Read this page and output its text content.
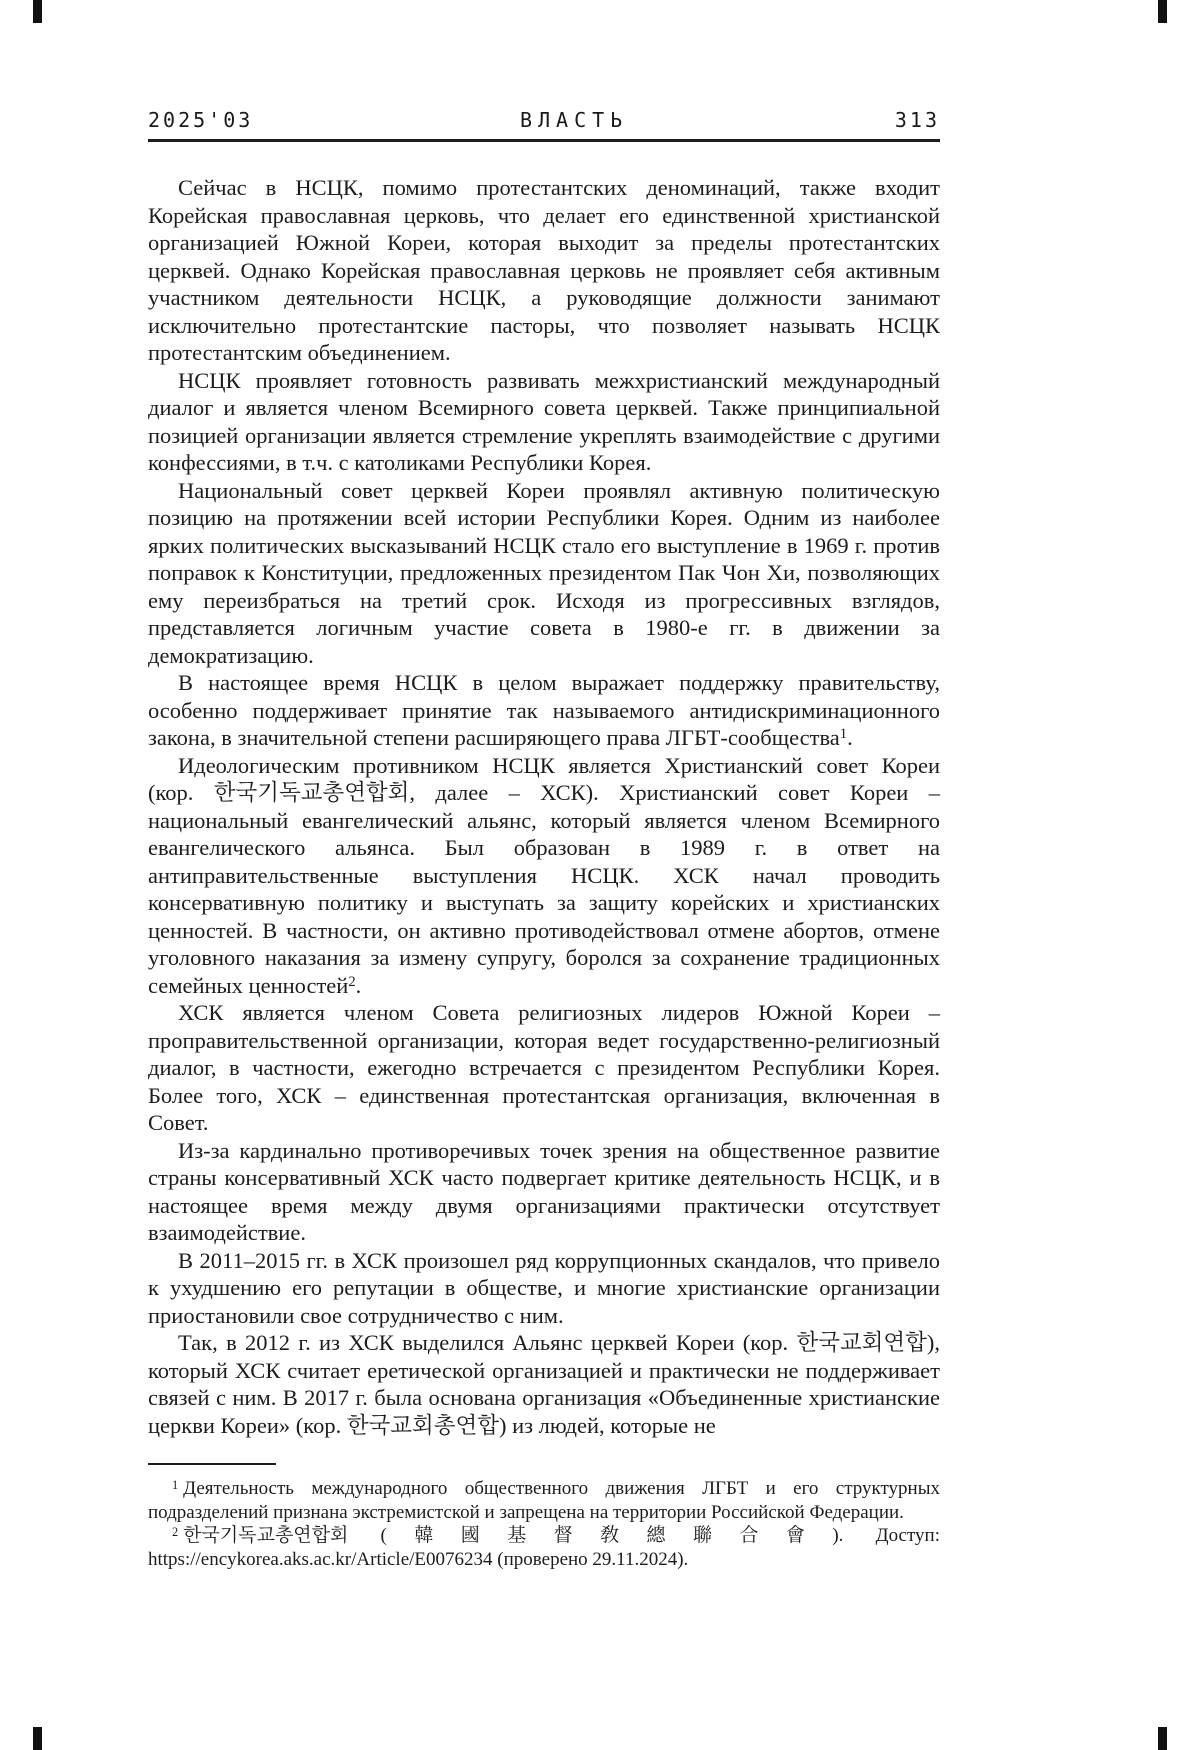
2025'03	ВЛАСТЬ	313

Сейчас в НСЦК, помимо протестантских деноминаций, также входит Корейская православная церковь, что делает его единственной христианской организацией Южной Кореи, которая выходит за пределы протестантских церквей. Однако Корейская православная церковь не проявляет себя активным участником деятельности НСЦК, а руководящие должности занимают исключительно протестантские пасторы, что позволяет называть НСЦК протестантским объединением.

НСЦК проявляет готовность развивать межхристианский международный диалог и является членом Всемирного совета церквей. Также принципиальной позицией организации является стремление укреплять взаимодействие с другими конфессиями, в т.ч. с католиками Республики Корея.

Национальный совет церквей Кореи проявлял активную политическую позицию на протяжении всей истории Республики Корея. Одним из наиболее ярких политических высказываний НСЦК стало его выступление в 1969 г. против поправок к Конституции, предложенных президентом Пак Чон Хи, позволяющих ему переизбраться на третий срок. Исходя из прогрессивных взглядов, представляется логичным участие совета в 1980-е гг. в движении за демократизацию.

В настоящее время НСЦК в целом выражает поддержку правительству, особенно поддерживает принятие так называемого антидискриминационного закона, в значительной степени расширяющего права ЛГБТ-сообщества$^1$.

Идеологическим противником НСЦК является Христианский совет Кореи (кор. 한국기독교총연합회, далее – ХСК). Христианский совет Кореи – национальный евангелический альянс, который является членом Всемирного евангелического альянса. Был образован в 1989 г. в ответ на антиправительственные выступления НСЦК. ХСК начал проводить консервативную политику и выступать за защиту корейских и христианских ценностей. В частности, он активно противодействовал отмене абортов, отмене уголовного наказания за измену супругу, боролся за сохранение традиционных семейных ценностей$^2$.

ХСК является членом Совета религиозных лидеров Южной Кореи – проправительственной организации, которая ведет государственно-религиозный диалог, в частности, ежегодно встречается с президентом Республики Корея. Более того, ХСК – единственная протестантская организация, включенная в Совет.

Из-за кардинально противоречивых точек зрения на общественное развитие страны консервативный ХСК часто подвергает критике деятельность НСЦК, и в настоящее время между двумя организациями практически отсутствует взаимодействие.

В 2011–2015 гг. в ХСК произошел ряд коррупционных скандалов, что привело к ухудшению его репутации в обществе, и многие христианские организации приостановили свое сотрудничество с ним.

Так, в 2012 г. из ХСК выделился Альянс церквей Кореи (кор. 한국교회연합), который ХСК считает еретической организацией и практически не поддерживает связей с ним. В 2017 г. была основана организация «Объединенные христианские церкви Кореи» (кор. 한국교회총연합) из людей, которые не

$^1$ Деятельность международного общественного движения ЛГБТ и его структурных подразделений признана экстремистской и запрещена на территории Российской Федерации.

$^2$ 한국기독교총연합회 (韓國基督敎總聯合會). Доступ: https://encykorea.aks.ac.kr/Article/E0076234 (проверено 29.11.2024).
